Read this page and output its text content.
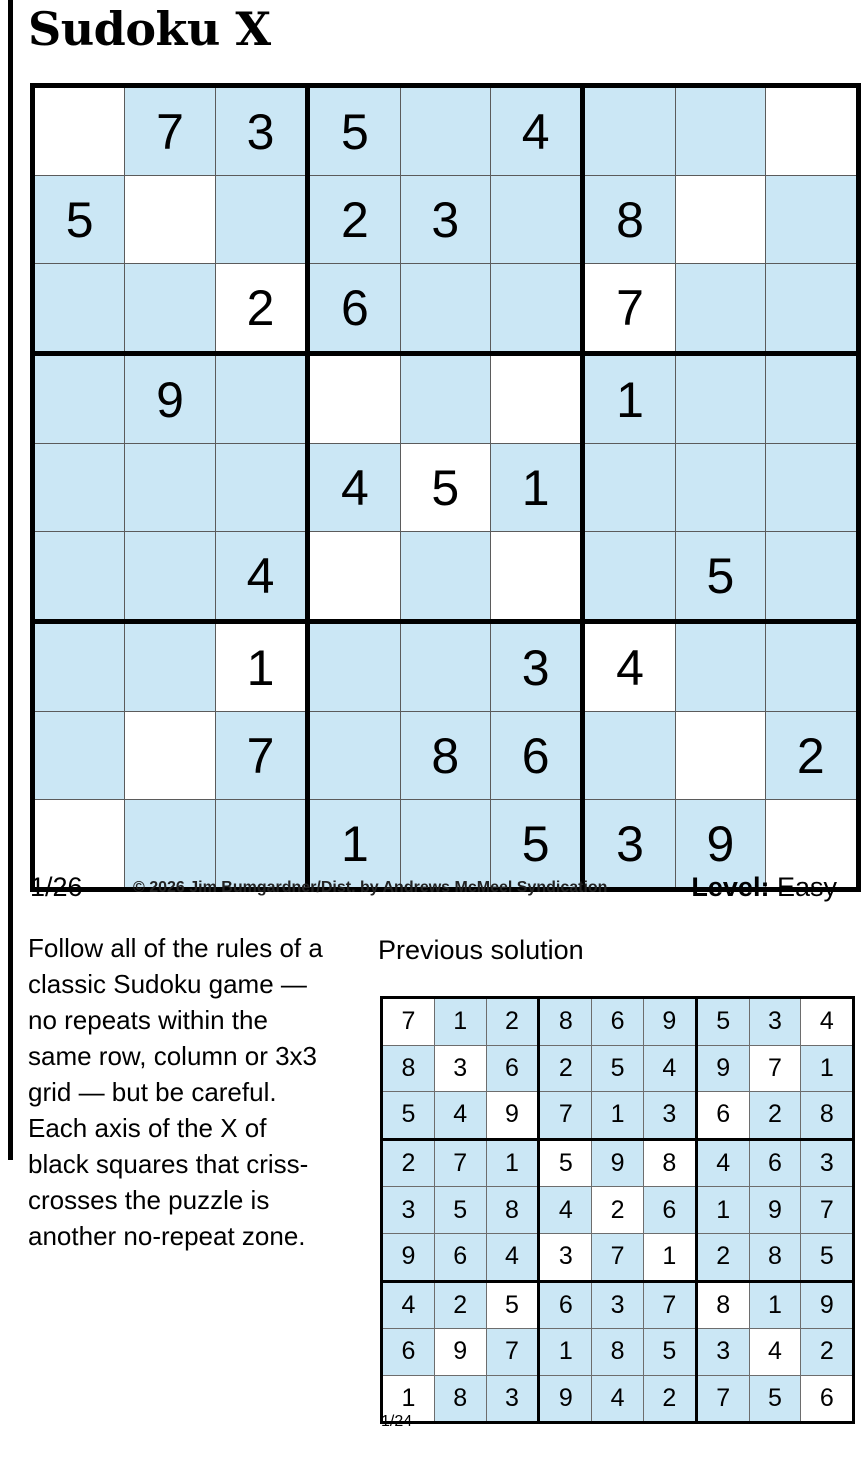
Sudoku X
	7	3	5		4			
5			2	3		8		
		2	6			7		
	9					1		
			4	5	1			
		4					5	
		1			3	4		
		7		8	6			2
			1		5	3	9	
1/26	© 2026 Jim Bumgardner/Dist. by Andrews McMeel Syndication	Level: Easy
Follow all of the rules of a classic Sudoku game — no repeats within the same row, column or 3x3 grid — but be careful. Each axis of the X of black squares that criss-crosses the puzzle is another no-repeat zone.
Previous solution
7	1	2	8	6	9	5	3	4
8	3	6	2	5	4	9	7	1
5	4	9	7	1	3	6	2	8
2	7	1	5	9	8	4	6	3
3	5	8	4	2	6	1	9	7
9	6	4	3	7	1	2	8	5
4	2	5	6	3	7	8	1	9
6	9	7	1	8	5	3	4	2
1	8	3	9	4	2	7	5	6
1/24
